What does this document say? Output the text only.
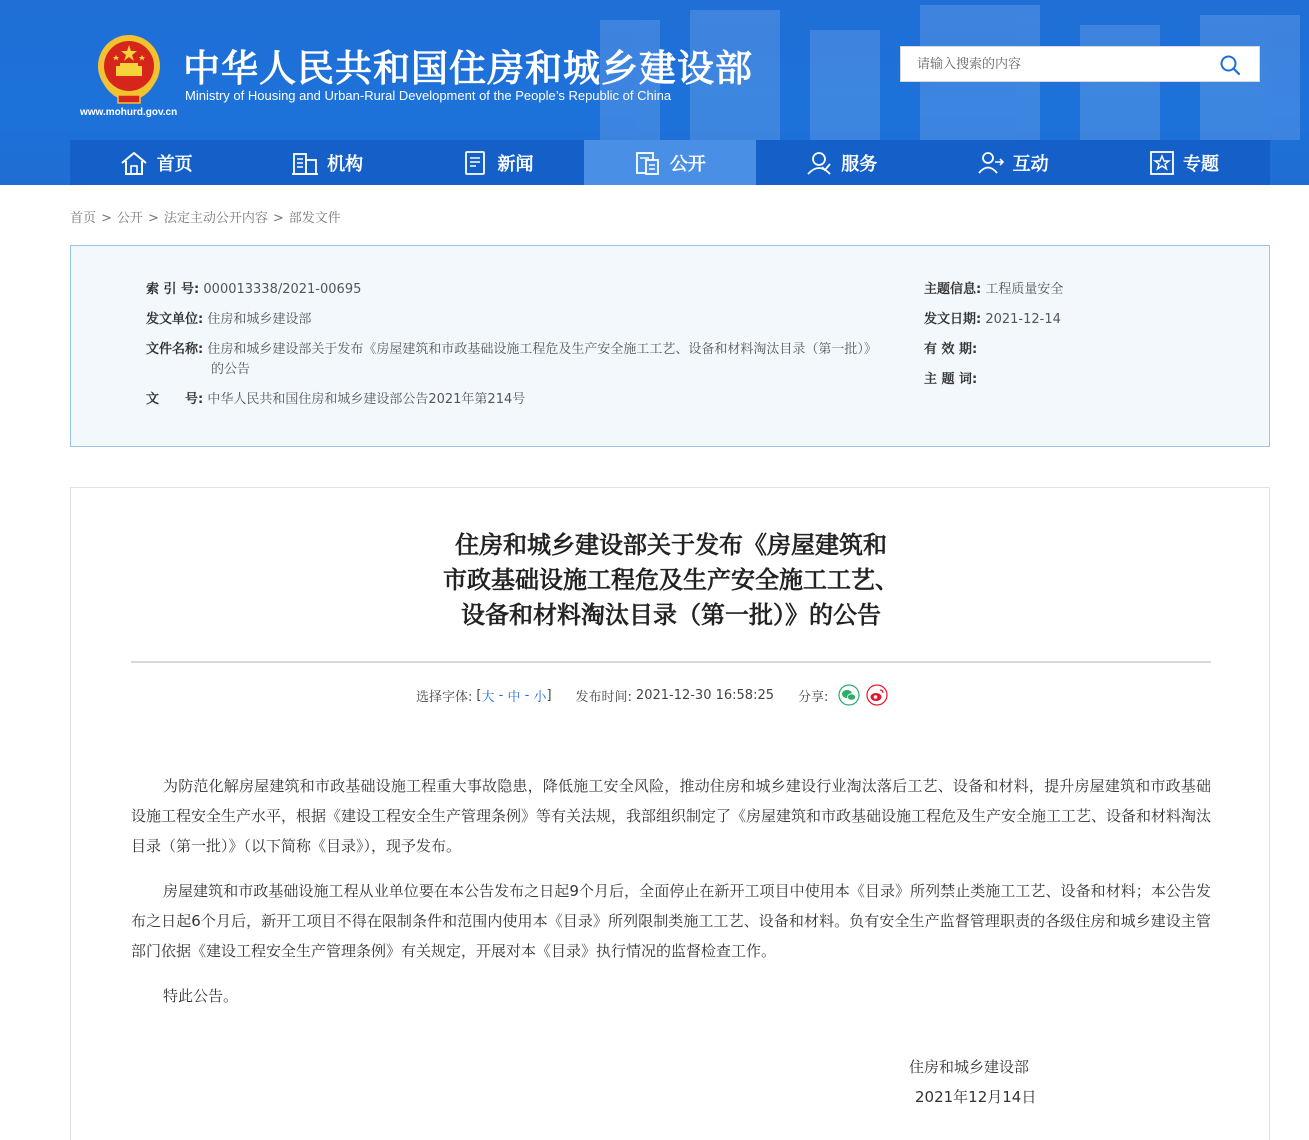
www.mohurd.gov.cn
中华人民共和国住房和城乡建设部
Ministry of Housing and Urban-Rural Development of the People’s Republic of China
请输入搜索的内容
首页	机构	新闻	公开	服务	互动	专题
首页 > 公开 > 法定主动公开内容 > 部发文件
索 引 号: 000013338/2021-00695
发文单位: 住房和城乡建设部
文件名称: 住房和城乡建设部关于发布《房屋建筑和市政基础设施工程危及生产安全施工工艺、设备和材料淘汰目录（第一批）》
的公告
文　　号: 中华人民共和国住房和城乡建设部公告2021年第214号
主题信息: 工程质量安全
发文日期: 2021-12-14
有 效 期:
主 题 词:
住房和城乡建设部关于发布《房屋建筑和
市政基础设施工程危及生产安全施工工艺、
设备和材料淘汰目录（第一批）》的公告
选择字体: [ 大 - 中 - 小 ] 发布时间: 2021-12-30 16:58:25 分享:
为防范化解房屋建筑和市政基础设施工程重大事故隐患，降低施工安全风险，推动住房和城乡建设行业淘汰落后工艺、设备和材料，提升房屋建筑和市政基础设施工程安全生产水平，根据《建设工程安全生产管理条例》等有关法规，我部组织制定了《房屋建筑和市政基础设施工程危及生产安全施工工艺、设备和材料淘汰目录（第一批）》（以下简称《目录》），现予发布。
房屋建筑和市政基础设施工程从业单位要在本公告发布之日起9个月后，全面停止在新开工项目中使用本《目录》所列禁止类施工工艺、设备和材料；本公告发布之日起6个月后，新开工项目不得在限制条件和范围内使用本《目录》所列限制类施工工艺、设备和材料。负有安全生产监督管理职责的各级住房和城乡建设主管部门依据《建设工程安全生产管理条例》有关规定，开展对本《目录》执行情况的监督检查工作。
特此公告。
住房和城乡建设部
2021年12月14日
